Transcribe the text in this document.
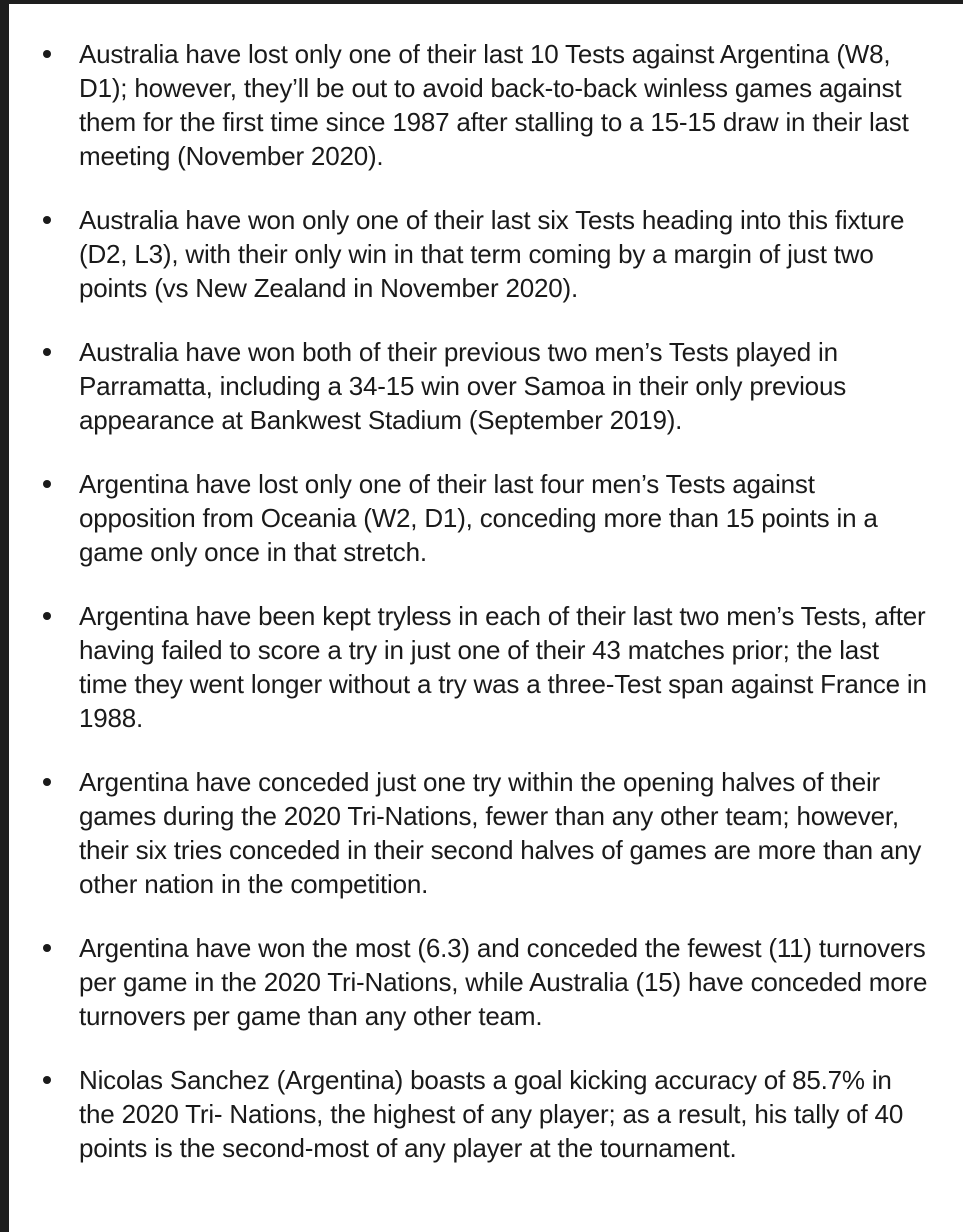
Australia have lost only one of their last 10 Tests against Argentina (W8, D1); however, they’ll be out to avoid back-to-back winless games against them for the first time since 1987 after stalling to a 15-15 draw in their last meeting (November 2020).
Australia have won only one of their last six Tests heading into this fixture (D2, L3), with their only win in that term coming by a margin of just two points (vs New Zealand in November 2020).
Australia have won both of their previous two men’s Tests played in Parramatta, including a 34-15 win over Samoa in their only previous appearance at Bankwest Stadium (September 2019).
Argentina have lost only one of their last four men’s Tests against opposition from Oceania (W2, D1), conceding more than 15 points in a game only once in that stretch.
Argentina have been kept tryless in each of their last two men’s Tests, after having failed to score a try in just one of their 43 matches prior; the last time they went longer without a try was a three-Test span against France in 1988.
Argentina have conceded just one try within the opening halves of their games during the 2020 Tri-Nations, fewer than any other team; however, their six tries conceded in their second halves of games are more than any other nation in the competition.
Argentina have won the most (6.3) and conceded the fewest (11) turnovers per game in the 2020 Tri-Nations, while Australia (15) have conceded more turnovers per game than any other team.
Nicolas Sanchez (Argentina) boasts a goal kicking accuracy of 85.7% in the 2020 Tri- Nations, the highest of any player; as a result, his tally of 40 points is the second-most of any player at the tournament.
